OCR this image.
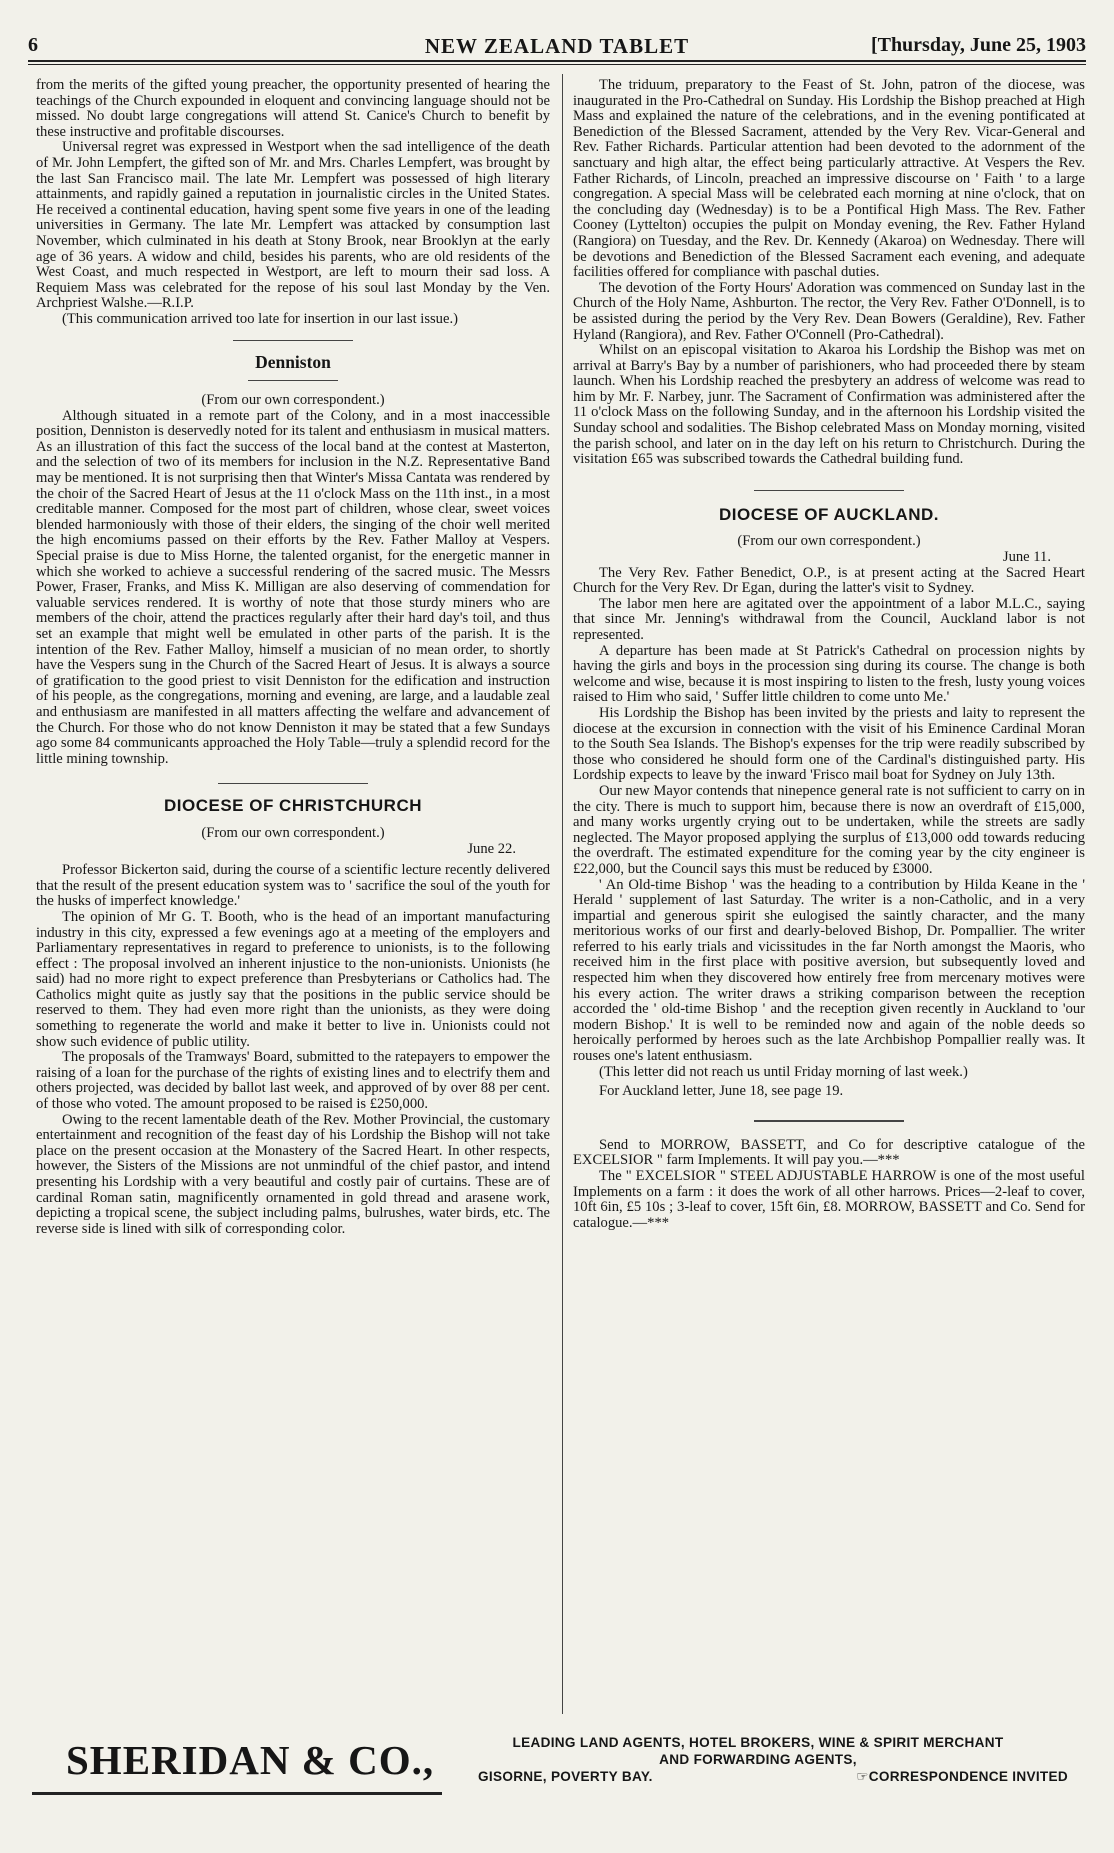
6	NEW ZEALAND TABLET	[Thursday, June 25, 1903

from the merits of the gifted young preacher, the opportunity presented of hearing the teachings of the Church expounded in eloquent and convincing language should not be missed. No doubt large congregations will attend St. Canice's Church to benefit by these instructive and profitable discourses.

Universal regret was expressed in Westport when the sad intelligence of the death of Mr. John Lempfert, the gifted son of Mr. and Mrs. Charles Lempfert, was brought by the last San Francisco mail. The late Mr. Lempfert was possessed of high literary attainments, and rapidly gained a reputation in journalistic circles in the United States. He received a continental education, having spent some five years in one of the leading universities in Germany. The late Mr. Lempfert was attacked by consumption last November, which culminated in his death at Stony Brook, near Brooklyn at the early age of 36 years. A widow and child, besides his parents, who are old residents of the West Coast, and much respected in Westport, are left to mourn their sad loss. A Requiem Mass was celebrated for the repose of his soul last Monday by the Ven. Archpriest Walshe.—R.I.P.

(This communication arrived too late for insertion in our last issue.)

Denniston

(From our own correspondent.)

Although situated in a remote part of the Colony, and in a most inaccessible position, Denniston is deservedly noted for its talent and enthusiasm in musical matters. As an illustration of this fact the success of the local band at the contest at Masterton, and the selection of two of its members for inclusion in the N.Z. Representative Band may be mentioned. It is not surprising then that Winter's Missa Cantata was rendered by the choir of the Sacred Heart of Jesus at the 11 o'clock Mass on the 11th inst., in a most creditable manner. Composed for the most part of children, whose clear, sweet voices blended harmoniously with those of their elders, the singing of the choir well merited the high encomiums passed on their efforts by the Rev. Father Malloy at Vespers. Special praise is due to Miss Horne, the talented organist, for the energetic manner in which she worked to achieve a successful rendering of the sacred music. The Messrs Power, Fraser, Franks, and Miss K. Milligan are also deserving of commendation for valuable services rendered. It is worthy of note that those sturdy miners who are members of the choir, attend the practices regularly after their hard day's toil, and thus set an example that might well be emulated in other parts of the parish. It is the intention of the Rev. Father Malloy, himself a musician of no mean order, to shortly have the Vespers sung in the Church of the Sacred Heart of Jesus. It is always a source of gratification to the good priest to visit Denniston for the edification and instruction of his people, as the congregations, morning and evening, are large, and a laudable zeal and enthusiasm are manifested in all matters affecting the welfare and advancement of the Church. For those who do not know Denniston it may be stated that a few Sundays ago some 84 communicants approached the Holy Table—truly a splendid record for the little mining township.

DIOCESE OF CHRISTCHURCH

(From our own correspondent.)

June 22.

Professor Bickerton said, during the course of a scientific lecture recently delivered that the result of the present education system was to ' sacrifice the soul of the youth for the husks of imperfect knowledge.'

The opinion of Mr G. T. Booth, who is the head of an important manufacturing industry in this city, expressed a few evenings ago at a meeting of the employers and Parliamentary representatives in regard to preference to unionists, is to the following effect : The proposal involved an inherent injustice to the non-unionists. Unionists (he said) had no more right to expect preference than Presbyterians or Catholics had. The Catholics might quite as justly say that the positions in the public service should be reserved to them. They had even more right than the unionists, as they were doing something to regenerate the world and make it better to live in. Unionists could not show such evidence of public utility.

The proposals of the Tramways' Board, submitted to the ratepayers to empower the raising of a loan for the purchase of the rights of existing lines and to electrify them and others projected, was decided by ballot last week, and approved of by over 88 per cent. of those who voted. The amount proposed to be raised is £250,000.

Owing to the recent lamentable death of the Rev. Mother Provincial, the customary entertainment and recognition of the feast day of his Lordship the Bishop will not take place on the present occasion at the Monastery of the Sacred Heart. In other respects, however, the Sisters of the Missions are not unmindful of the chief pastor, and intend presenting his Lordship with a very beautiful and costly pair of curtains. These are of cardinal Roman satin, magnificently ornamented in gold thread and arasene work, depicting a tropical scene, the subject including palms, bulrushes, water birds, etc. The reverse side is lined with silk of corresponding color.

The triduum, preparatory to the Feast of St. John, patron of the diocese, was inaugurated in the Pro-Cathedral on Sunday. His Lordship the Bishop preached at High Mass and explained the nature of the celebrations, and in the evening pontificated at Benediction of the Blessed Sacrament, attended by the Very Rev. Vicar-General and Rev. Father Richards. Particular attention had been devoted to the adornment of the sanctuary and high altar, the effect being particularly attractive. At Vespers the Rev. Father Richards, of Lincoln, preached an impressive discourse on ' Faith ' to a large congregation. A special Mass will be celebrated each morning at nine o'clock, that on the concluding day (Wednesday) is to be a Pontifical High Mass. The Rev. Father Cooney (Lyttelton) occupies the pulpit on Monday evening, the Rev. Father Hyland (Rangiora) on Tuesday, and the Rev. Dr. Kennedy (Akaroa) on Wednesday. There will be devotions and Benediction of the Blessed Sacrament each evening, and adequate facilities offered for compliance with paschal duties.

The devotion of the Forty Hours' Adoration was commenced on Sunday last in the Church of the Holy Name, Ashburton. The rector, the Very Rev. Father O'Donnell, is to be assisted during the period by the Very Rev. Dean Bowers (Geraldine), Rev. Father Hyland (Rangiora), and Rev. Father O'Connell (Pro-Cathedral).

Whilst on an episcopal visitation to Akaroa his Lordship the Bishop was met on arrival at Barry's Bay by a number of parishioners, who had proceeded there by steam launch. When his Lordship reached the presbytery an address of welcome was read to him by Mr. F. Narbey, junr. The Sacrament of Confirmation was administered after the 11 o'clock Mass on the following Sunday, and in the afternoon his Lordship visited the Sunday school and sodalities. The Bishop celebrated Mass on Monday morning, visited the parish school, and later on in the day left on his return to Christchurch. During the visitation £65 was subscribed towards the Cathedral building fund.

DIOCESE OF AUCKLAND.

(From our own correspondent.)

June 11.

The Very Rev. Father Benedict, O.P., is at present acting at the Sacred Heart Church for the Very Rev. Dr Egan, during the latter's visit to Sydney.

The labor men here are agitated over the appointment of a labor M.L.C., saying that since Mr. Jenning's withdrawal from the Council, Auckland labor is not represented.

A departure has been made at St Patrick's Cathedral on procession nights by having the girls and boys in the procession sing during its course. The change is both welcome and wise, because it is most inspiring to listen to the fresh, lusty young voices raised to Him who said, ' Suffer little children to come unto Me.'

His Lordship the Bishop has been invited by the priests and laity to represent the diocese at the excursion in connection with the visit of his Eminence Cardinal Moran to the South Sea Islands. The Bishop's expenses for the trip were readily subscribed by those who considered he should form one of the Cardinal's distinguished party. His Lordship expects to leave by the inward 'Frisco mail boat for Sydney on July 13th.

Our new Mayor contends that ninepence general rate is not sufficient to carry on in the city. There is much to support him, because there is now an overdraft of £15,000, and many works urgently crying out to be undertaken, while the streets are sadly neglected. The Mayor proposed applying the surplus of £13,000 odd towards reducing the overdraft. The estimated expenditure for the coming year by the city engineer is £22,000, but the Council says this must be reduced by £3000.

' An Old-time Bishop ' was the heading to a contribution by Hilda Keane in the ' Herald ' supplement of last Saturday. The writer is a non-Catholic, and in a very impartial and generous spirit she eulogised the saintly character, and the many meritorious works of our first and dearly-beloved Bishop, Dr. Pompallier. The writer referred to his early trials and vicissitudes in the far North amongst the Maoris, who received him in the first place with positive aversion, but subsequently loved and respected him when they discovered how entirely free from mercenary motives were his every action. The writer draws a striking comparison between the reception accorded the ' old-time Bishop ' and the reception given recently in Auckland to 'our modern Bishop.' It is well to be reminded now and again of the noble deeds so heroically performed by heroes such as the late Archbishop Pompallier really was. It rouses one's latent enthusiasm.

(This letter did not reach us until Friday morning of last week.)

For Auckland letter, June 18, see page 19.

Send to MORROW, BASSETT, and Co for descriptive catalogue of the EXCELSIOR " farm Implements. It will pay you.—***

The " EXCELSIOR " STEEL ADJUSTABLE HARROW is one of the most useful Implements on a farm : it does the work of all other harrows. Prices—2-leaf to cover, 10ft 6in, £5 10s ; 3-leaf to cover, 15ft 6in, £8. MORROW, BASSETT and Co. Send for catalogue.—***

SHERIDAN & CO.,	LEADING LAND AGENTS, HOTEL BROKERS, WINE & SPIRIT MERCHANT
AND FORWARDING AGENTS,
GISORNE, POVERTY BAY.	☞CORRESPONDENCE INVITED
